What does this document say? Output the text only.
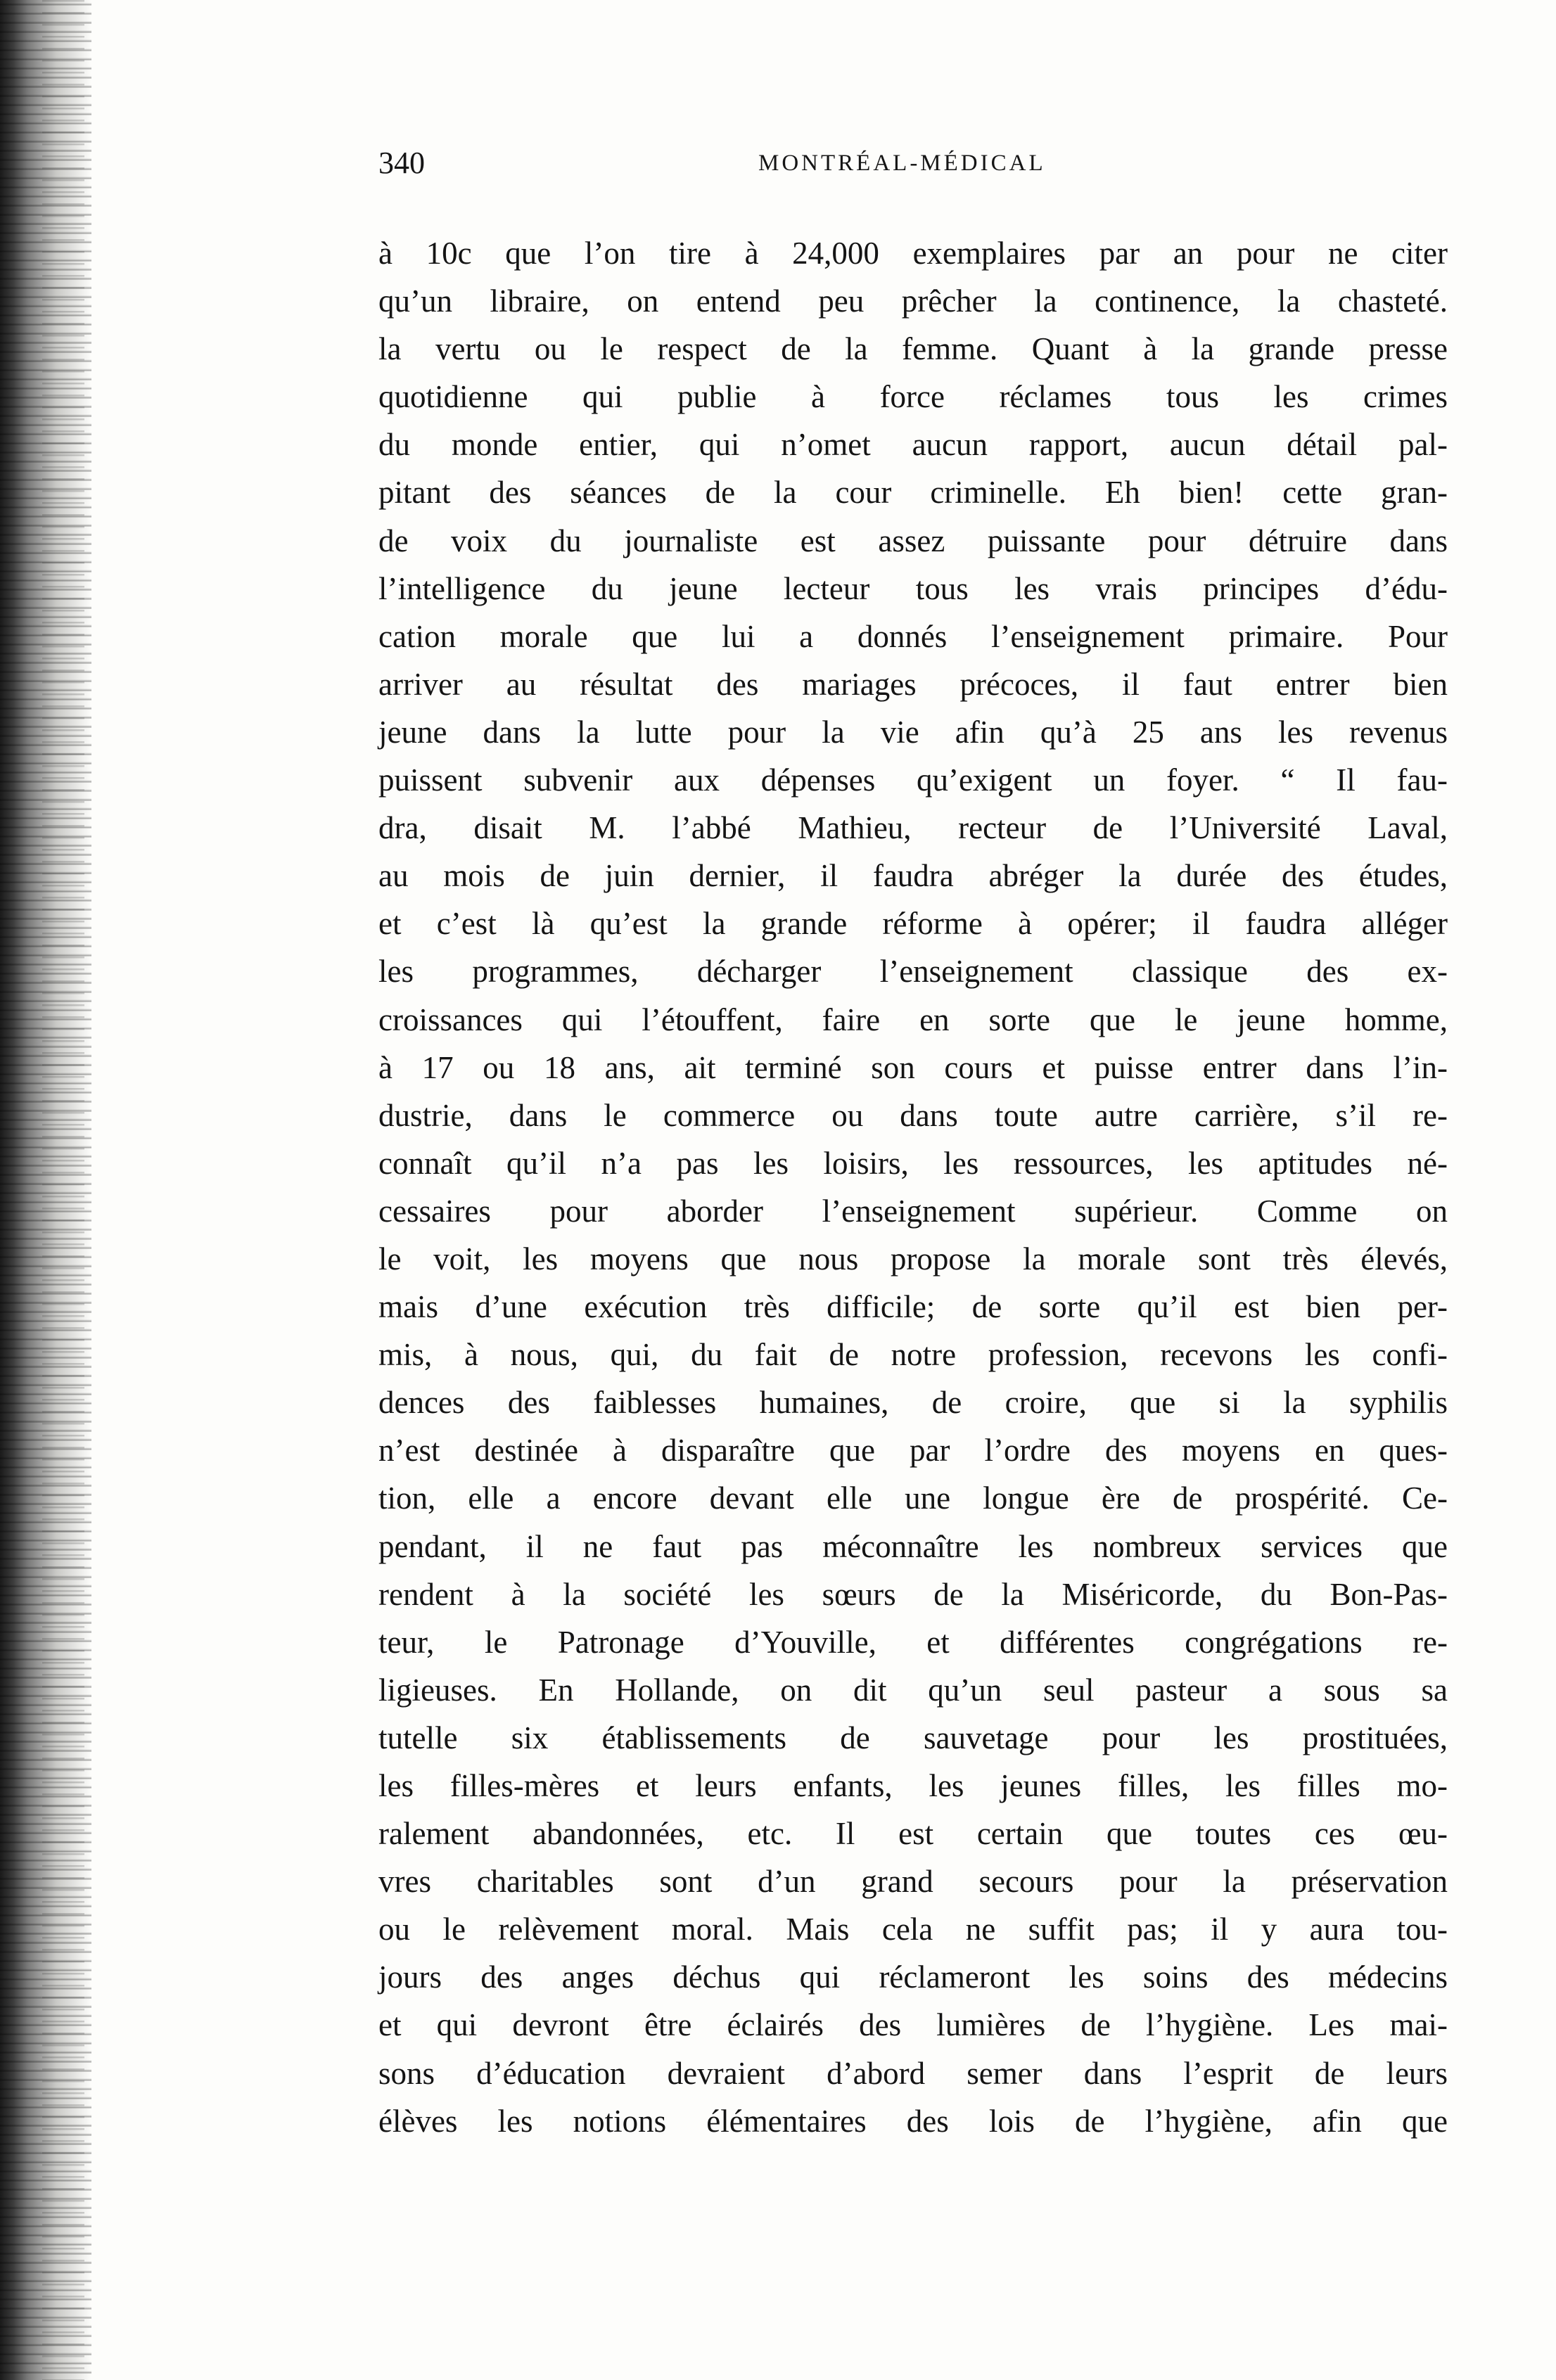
340	MONTRÉAL-MÉDICAL
à 10c que l’on tire à 24,000 exemplaires par an pour ne citer
qu’un libraire, on entend peu prêcher la continence, la chasteté.
la vertu ou le respect de la femme. Quant à la grande presse
quotidienne qui publie à force réclames tous les crimes
du monde entier, qui n’omet aucun rapport, aucun détail pal-
pitant des séances de la cour criminelle. Eh bien! cette gran-
de voix du journaliste est assez puissante pour détruire dans
l’intelligence du jeune lecteur tous les vrais principes d’édu-
cation morale que lui a donnés l’enseignement primaire. Pour
arriver au résultat des mariages précoces, il faut entrer bien
jeune dans la lutte pour la vie afin qu’à 25 ans les revenus
puissent subvenir aux dépenses qu’exigent un foyer. “ Il fau-
dra, disait M. l’abbé Mathieu, recteur de l’Université Laval,
au mois de juin dernier, il faudra abréger la durée des études,
et c’est là qu’est la grande réforme à opérer; il faudra alléger
les programmes, décharger l’enseignement classique des ex-
croissances qui l’étouffent, faire en sorte que le jeune homme,
à 17 ou 18 ans, ait terminé son cours et puisse entrer dans l’in-
dustrie, dans le commerce ou dans toute autre carrière, s’il re-
connaît qu’il n’a pas les loisirs, les ressources, les aptitudes né-
cessaires pour aborder l’enseignement supérieur. Comme on
le voit, les moyens que nous propose la morale sont très élevés,
mais d’une exécution très difficile; de sorte qu’il est bien per-
mis, à nous, qui, du fait de notre profession, recevons les confi-
dences des faiblesses humaines, de croire, que si la syphilis
n’est destinée à disparaître que par l’ordre des moyens en ques-
tion, elle a encore devant elle une longue ère de prospérité. Ce-
pendant, il ne faut pas méconnaître les nombreux services que
rendent à la société les sœurs de la Miséricorde, du Bon-Pas-
teur, le Patronage d’Youville, et différentes congrégations re-
ligieuses. En Hollande, on dit qu’un seul pasteur a sous sa
tutelle six établissements de sauvetage pour les prostituées,
les filles-mères et leurs enfants, les jeunes filles, les filles mo-
ralement abandonnées, etc. Il est certain que toutes ces œu-
vres charitables sont d’un grand secours pour la préservation
ou le relèvement moral. Mais cela ne suffit pas; il y aura tou-
jours des anges déchus qui réclameront les soins des médecins
et qui devront être éclairés des lumières de l’hygiène. Les mai-
sons d’éducation devraient d’abord semer dans l’esprit de leurs
élèves les notions élémentaires des lois de l’hygiène, afin que
